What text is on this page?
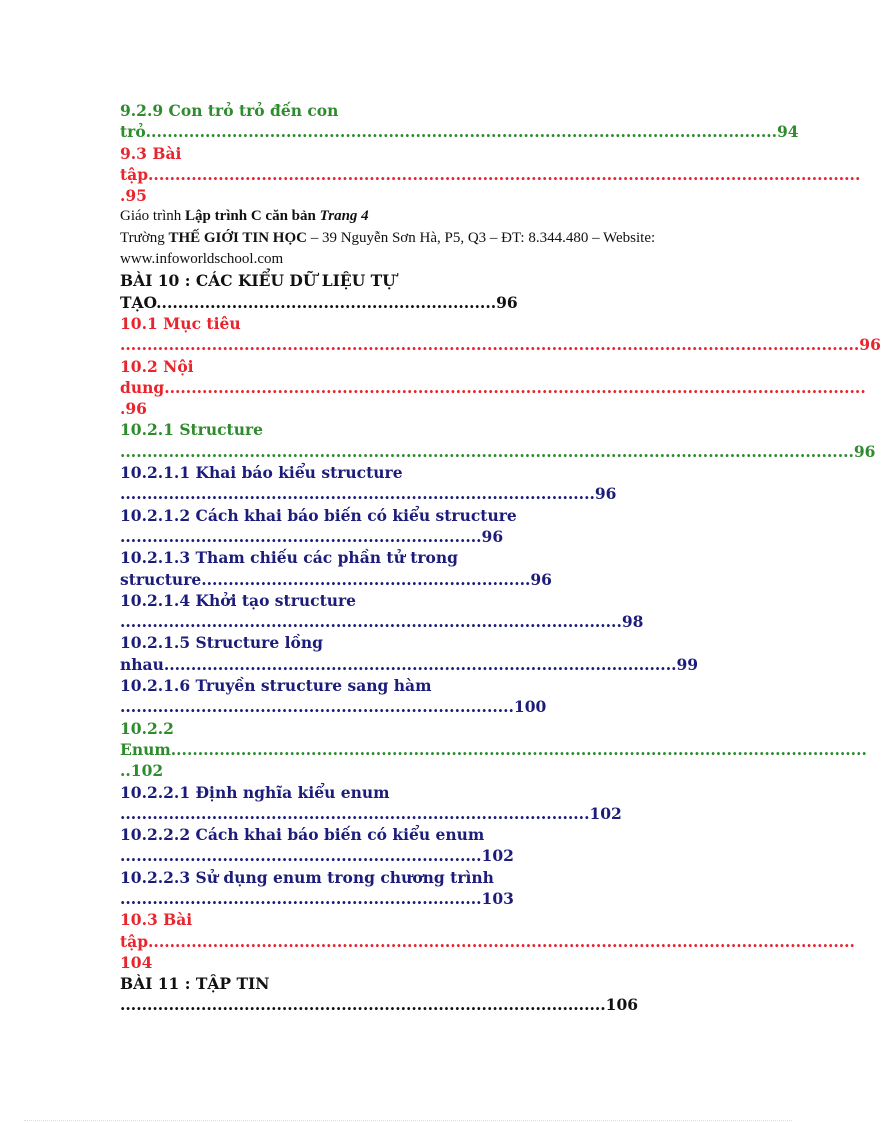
9.2.9 Con trỏ trỏ đến con
trỏ.....................................................................................................................94
9.3 Bài
tập....................................................................................................................................
.95
Giáo trình Lập trình C căn bản Trang 4
Trường THẾ GIỚI TIN HỌC – 39 Nguyễn Sơn Hà, P5, Q3 – ĐT: 8.344.480 – Website:
www.infoworldschool.com
BÀI 10 : CÁC KIỂU DỮ LIỆU TỰ
TẠO...............................................................96
10.1 Mục tiêu
.........................................................................................................................................96
10.2 Nội
dung..................................................................................................................................
.96
10.2.1 Structure
........................................................................................................................................96
10.2.1.1 Khai báo kiểu structure
........................................................................................96
10.2.1.2 Cách khai báo biến có kiểu structure
...................................................................96
10.2.1.3 Tham chiếu các phần tử trong
structure.............................................................96
10.2.1.4 Khởi tạo structure
.............................................................................................98
10.2.1.5 Structure lồng
nhau...............................................................................................99
10.2.1.6 Truyền structure sang hàm
.........................................................................100
10.2.2
Enum.................................................................................................................................
..102
10.2.2.1 Định nghĩa kiểu enum
.......................................................................................102
10.2.2.2 Cách khai báo biến có kiểu enum
...................................................................102
10.2.2.3 Sử dụng enum trong chương trình
...................................................................103
10.3 Bài
tập...................................................................................................................................
104
BÀI 11 : TẬP TIN
..........................................................................................106
